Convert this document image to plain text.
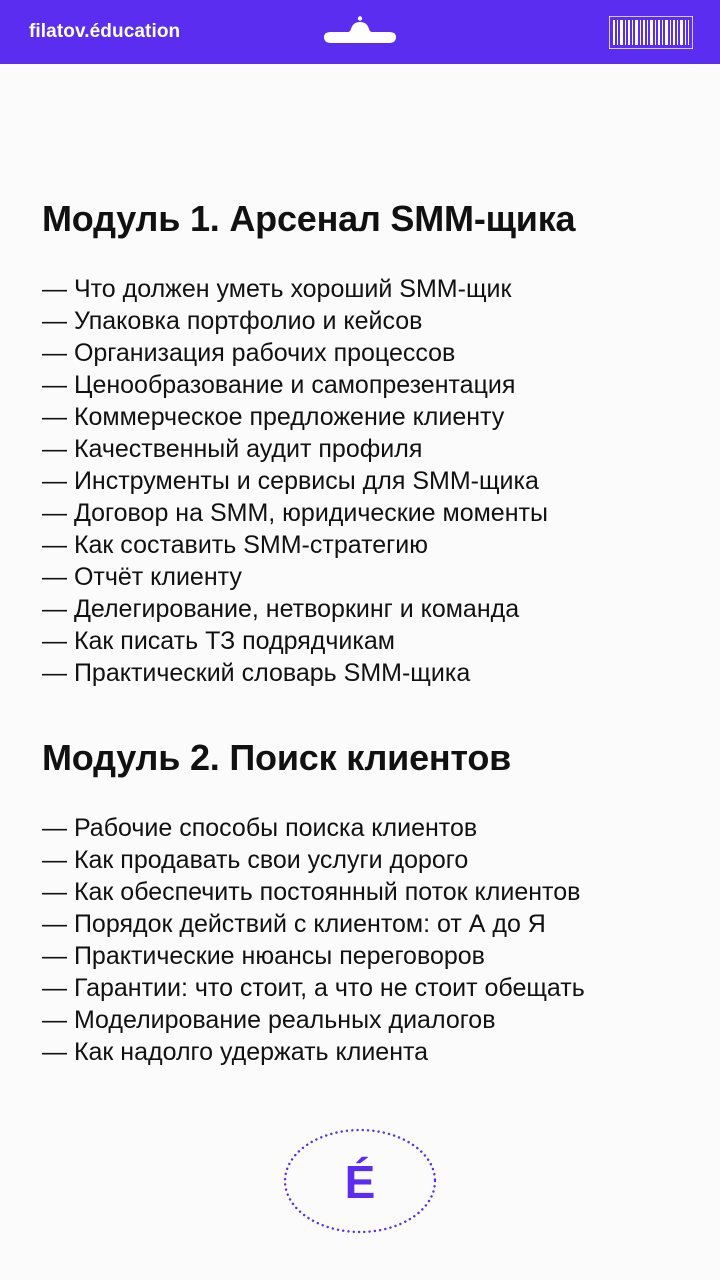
filatov.éducation
Модуль 1. Арсенал SMM-щика
— Что должен уметь хороший SMM-щик
— Упаковка портфолио и кейсов
— Организация рабочих процессов
— Ценообразование и самопрезентация
— Коммерческое предложение клиенту
— Качественный аудит профиля
— Инструменты и сервисы для SMM-щика
— Договор на SMM, юридические моменты
— Как составить SMM-стратегию
— Отчёт клиенту
— Делегирование, нетворкинг и команда
— Как писать ТЗ подрядчикам
— Практический словарь SMM-щика
Модуль 2. Поиск клиентов
— Рабочие способы поиска клиентов
— Как продавать свои услуги дорого
— Как обеспечить постоянный поток клиентов
— Порядок действий с клиентом: от А до Я
— Практические нюансы переговоров
— Гарантии: что стоит, а что не стоит обещать
— Моделирование реальных диалогов
— Как надолго удержать клиента
É
